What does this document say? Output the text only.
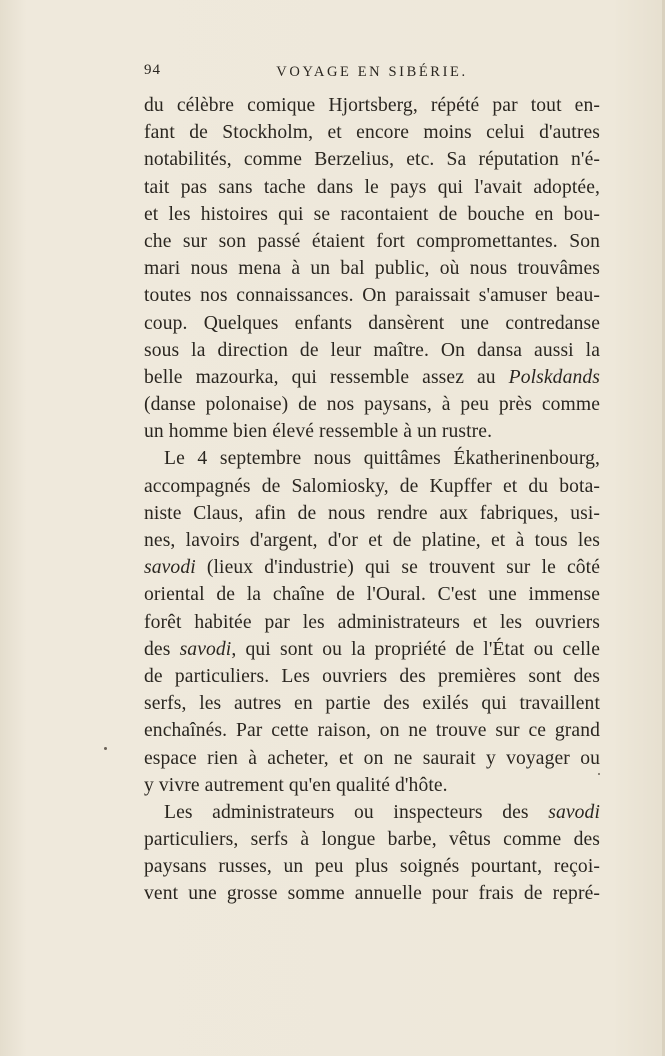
94	VOYAGE EN SIBÉRIE.
du célèbre comique Hjortsberg, répété par tout en-
fant de Stockholm, et encore moins celui d'autres
notabilités, comme Berzelius, etc. Sa réputation n'é-
tait pas sans tache dans le pays qui l'avait adoptée,
et les histoires qui se racontaient de bouche en bou-
che sur son passé étaient fort compromettantes. Son
mari nous mena à un bal public, où nous trouvâmes
toutes nos connaissances. On paraissait s'amuser beau-
coup. Quelques enfants dansèrent une contredanse
sous la direction de leur maître. On dansa aussi la
belle mazourka, qui ressemble assez au Polskdands
(danse polonaise) de nos paysans, à peu près comme
un homme bien élevé ressemble à un rustre.
Le 4 septembre nous quittâmes Ékatherinenbourg,
accompagnés de Salomiosky, de Kupffer et du bota-
niste Claus, afin de nous rendre aux fabriques, usi-
nes, lavoirs d'argent, d'or et de platine, et à tous les
savodi (lieux d'industrie) qui se trouvent sur le côté
oriental de la chaîne de l'Oural. C'est une immense
forêt habitée par les administrateurs et les ouvriers
des savodi, qui sont ou la propriété de l'État ou celle
de particuliers. Les ouvriers des premières sont des
serfs, les autres en partie des exilés qui travaillent
enchaînés. Par cette raison, on ne trouve sur ce grand
espace rien à acheter, et on ne saurait y voyager ou
y vivre autrement qu'en qualité d'hôte.
Les administrateurs ou inspecteurs des savodi
particuliers, serfs à longue barbe, vêtus comme des
paysans russes, un peu plus soignés pourtant, reçoi-
vent une grosse somme annuelle pour frais de repré-
